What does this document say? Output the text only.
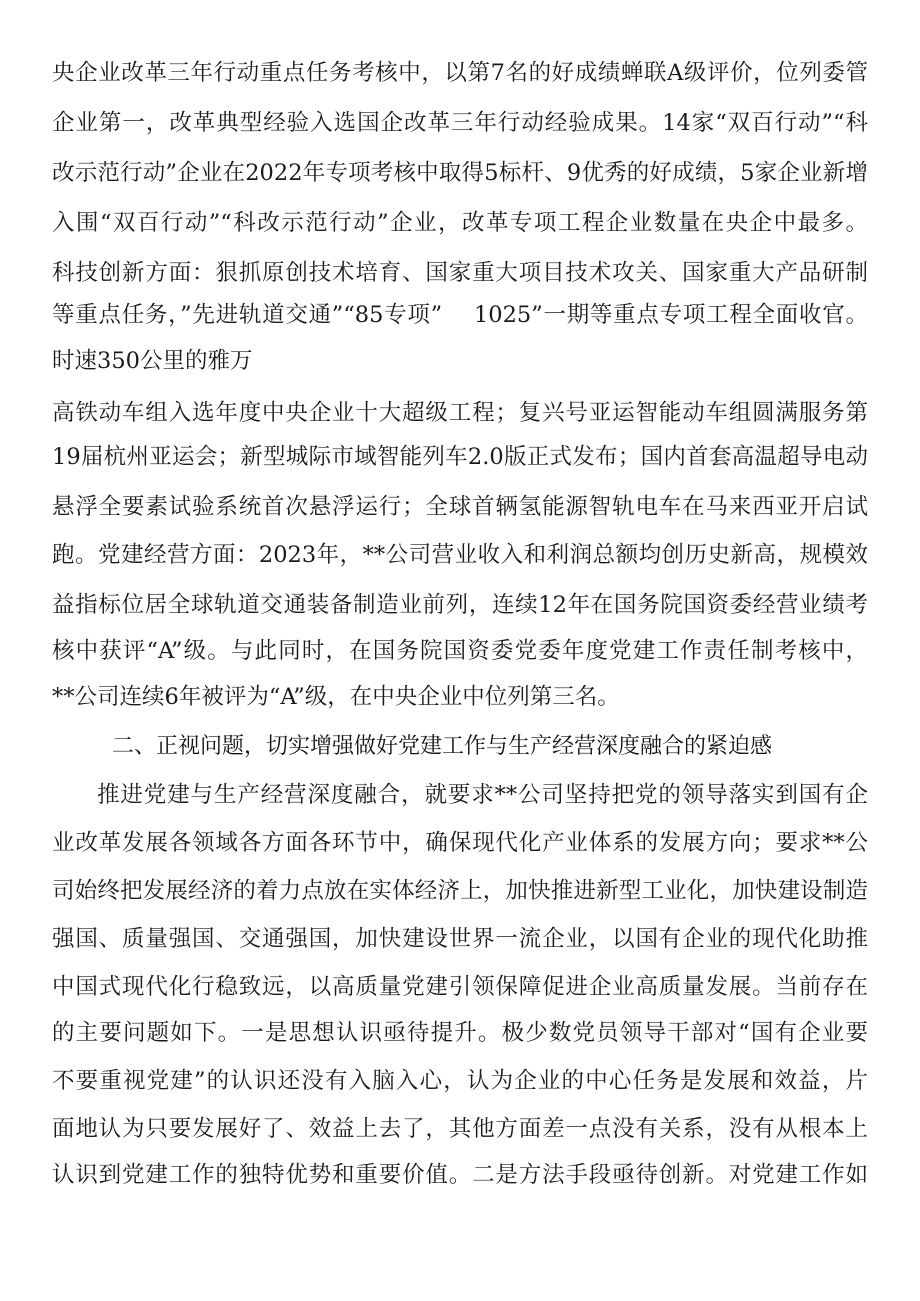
央企业改革三年行动重点任务考核中，以第7名的好成绩蝉联A级评价，位列委管
企业第一，改革典型经验入选国企改革三年行动经验成果。14家“双百行动”“科
改示范行动”企业在2022年专项考核中取得5标杆、9优秀的好成绩，5家企业新增
入围“双百行动”“科改示范行动”企业，改革专项工程企业数量在央企中最多。
科技创新方面：狠抓原创技术培育、国家重大项目技术攻关、国家重大产品研制
等重点任务，”先进轨道交通”“85专项”　 1025”一期等重点专项工程全面收官。
时速350公里的雅万
高铁动车组入选年度中央企业十大超级工程；复兴号亚运智能动车组圆满服务第
19届杭州亚运会；新型城际市域智能列车2.0版正式发布；国内首套高温超导电动
悬浮全要素试验系统首次悬浮运行；全球首辆氢能源智轨电车在马来西亚开启试
跑。党建经营方面：2023年，**公司营业收入和利润总额均创历史新高，规模效
益指标位居全球轨道交通装备制造业前列，连续12年在国务院国资委经营业绩考
核中获评“A”级。与此同时，在国务院国资委党委年度党建工作责任制考核中，
**公司连续6年被评为“A”级，在中央企业中位列第三名。
二、正视问题，切实增强做好党建工作与生产经营深度融合的紧迫感
推进党建与生产经营深度融合，就要求**公司坚持把党的领导落实到国有企
业改革发展各领域各方面各环节中，确保现代化产业体系的发展方向；要求**公
司始终把发展经济的着力点放在实体经济上，加快推进新型工业化，加快建设制造
强国、质量强国、交通强国，加快建设世界一流企业，以国有企业的现代化助推
中国式现代化行稳致远，以高质量党建引领保障促进企业高质量发展。当前存在
的主要问题如下。一是思想认识亟待提升。极少数党员领导干部对“国有企业要
不要重视党建”的认识还没有入脑入心，认为企业的中心任务是发展和效益，片
面地认为只要发展好了、效益上去了，其他方面差一点没有关系，没有从根本上
认识到党建工作的独特优势和重要价值。二是方法手段亟待创新。对党建工作如
